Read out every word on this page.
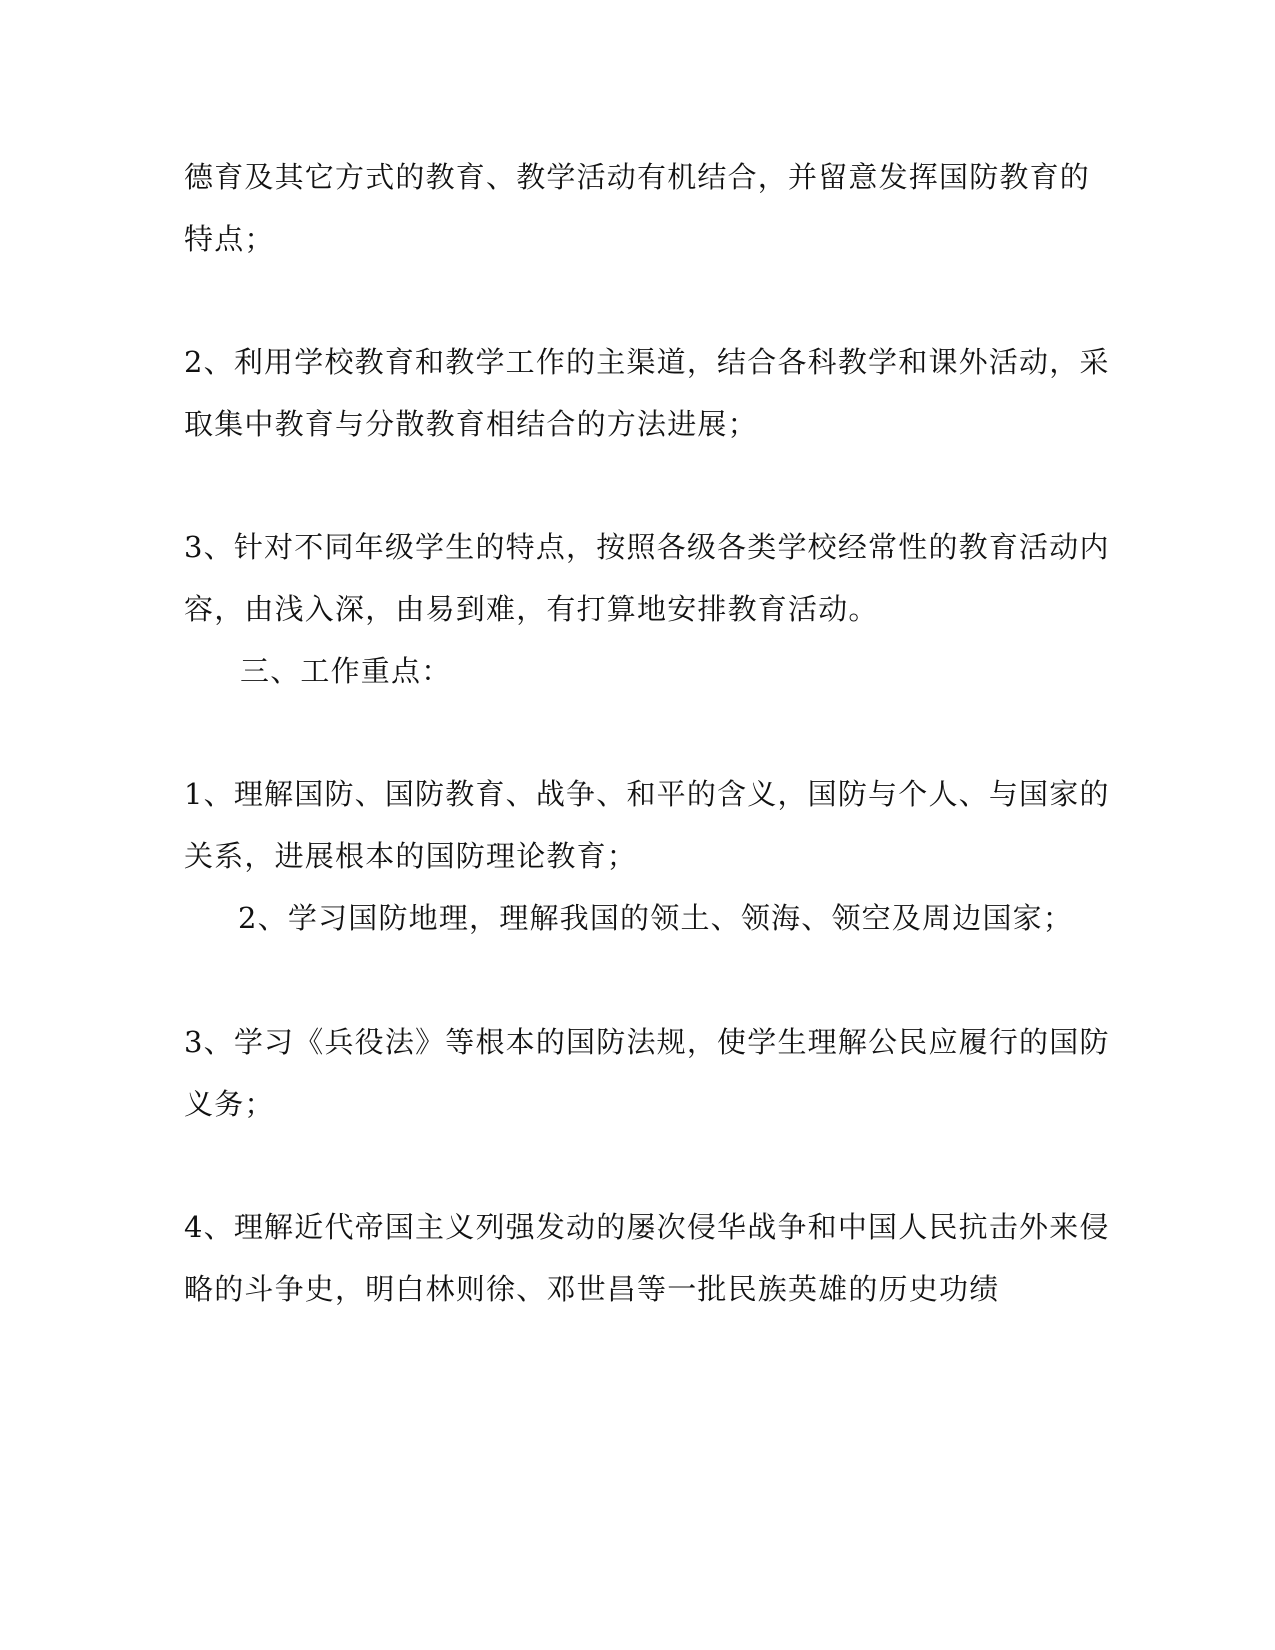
德育及其它方式的教育、教学活动有机结合，并留意发挥国防教育的
特点；
2、利用学校教育和教学工作的主渠道，结合各科教学和课外活动，采
取集中教育与分散教育相结合的方法进展；
3、针对不同年级学生的特点，按照各级各类学校经常性的教育活动内
容，由浅入深，由易到难，有打算地安排教育活动。
三、工作重点：
1、理解国防、国防教育、战争、和平的含义，国防与个人、与国家的
关系，进展根本的国防理论教育；
2、学习国防地理，理解我国的领土、领海、领空及周边国家；
3、学习《兵役法》等根本的国防法规，使学生理解公民应履行的国防
义务；
4、理解近代帝国主义列强发动的屡次侵华战争和中国人民抗击外来侵
略的斗争史，明白林则徐、邓世昌等一批民族英雄的历史功绩
